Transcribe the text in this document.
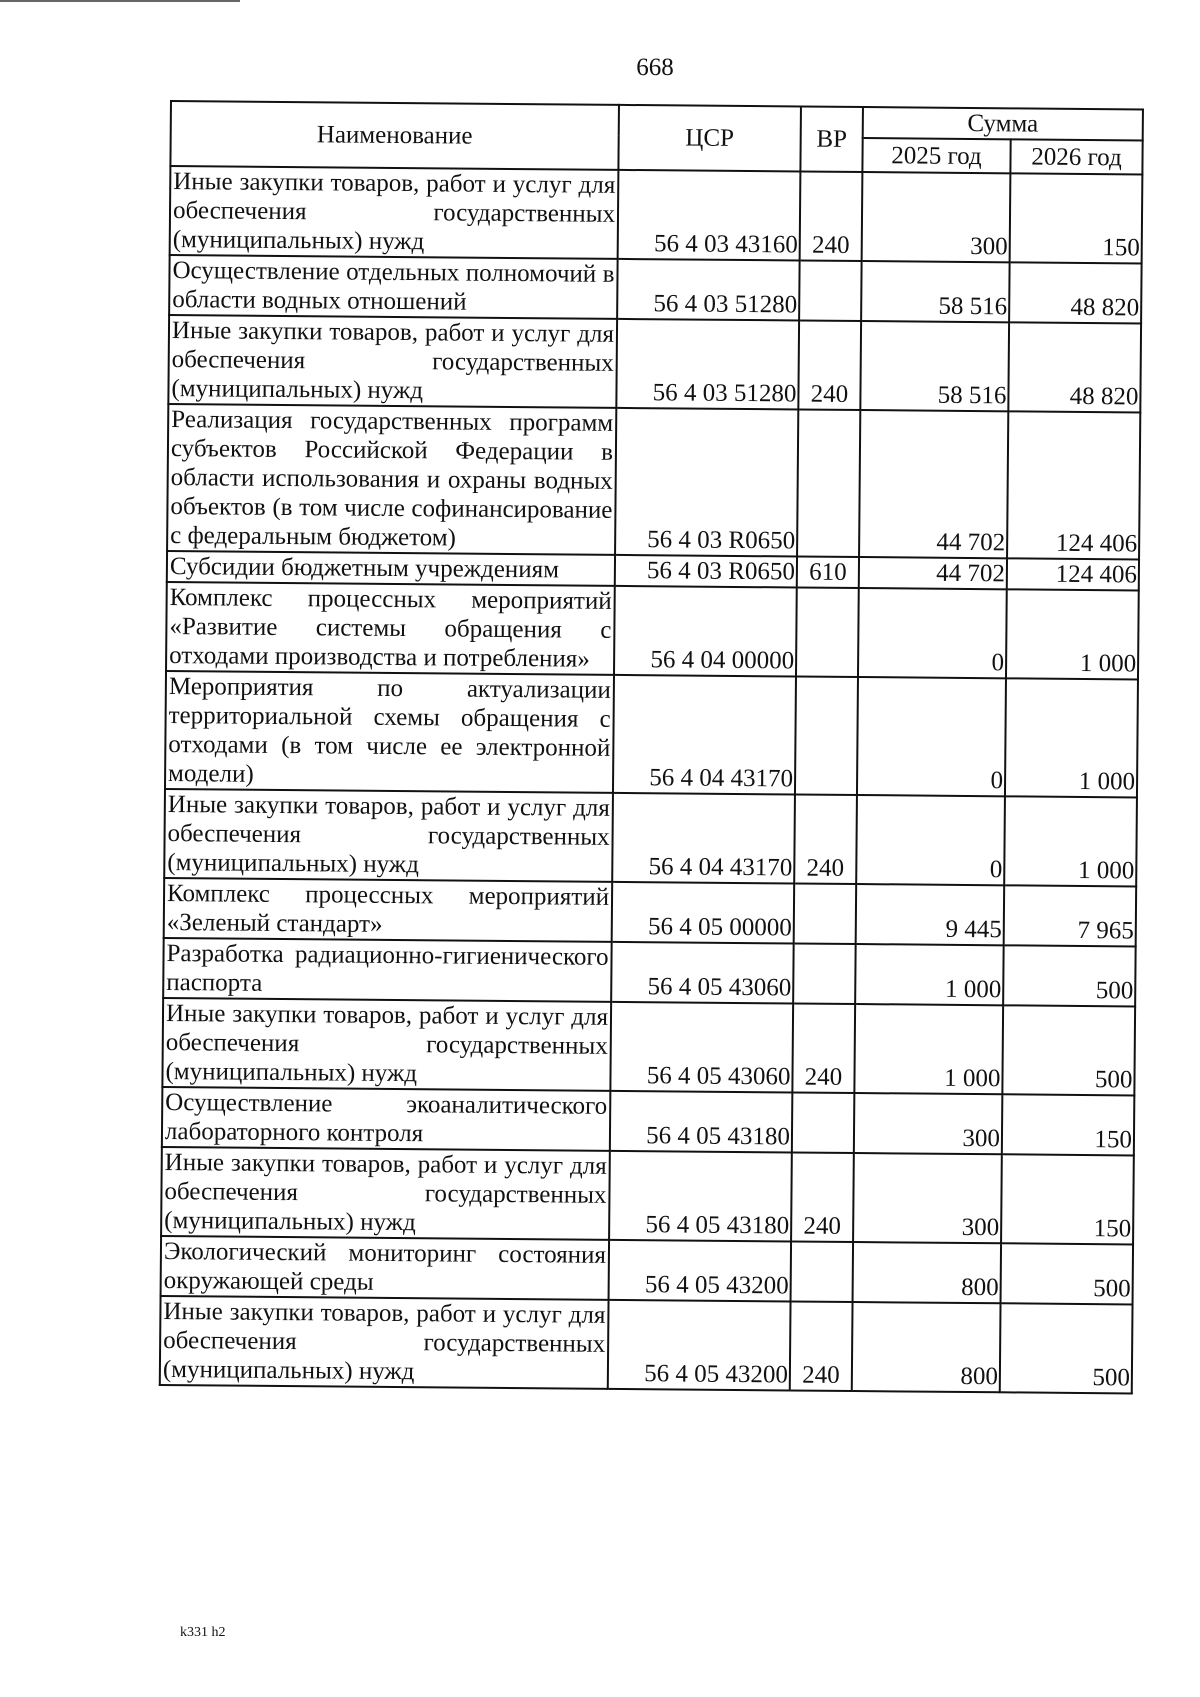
668
Наименование	ЦСР	ВР	Сумма	
			2025 год	2026 год
Иные закупки товаров, работ и услуг для обеспечения государственных (муниципальных) нужд	56 4 03 43160	240	300	150
Осуществление отдельных полномочий в области водных отношений	56 4 03 51280		58 516	48 820
Иные закупки товаров, работ и услуг для обеспечения государственных (муниципальных) нужд	56 4 03 51280	240	58 516	48 820
Реализация государственных программ субъектов Российской Федерации в области использования и охраны водных объектов (в том числе софинансирование с федеральным бюджетом)	56 4 03 R0650		44 702	124 406
Субсидии бюджетным учреждениям	56 4 03 R0650	610	44 702	124 406
Комплекс процессных мероприятий «Развитие системы обращения с отходами производства и потребления»	56 4 04 00000		0	1 000
Мероприятия по актуализации территориальной схемы обращения с отходами (в том числе ее электронной модели)	56 4 04 43170		0	1 000
Иные закупки товаров, работ и услуг для обеспечения государственных (муниципальных) нужд	56 4 04 43170	240	0	1 000
Комплекс процессных мероприятий «Зеленый стандарт»	56 4 05 00000		9 445	7 965
Разработка радиационно-гигиенического паспорта	56 4 05 43060		1 000	500
Иные закупки товаров, работ и услуг для обеспечения государственных (муниципальных) нужд	56 4 05 43060	240	1 000	500
Осуществление экоаналитического лабораторного контроля	56 4 05 43180		300	150
Иные закупки товаров, работ и услуг для обеспечения государственных (муниципальных) нужд	56 4 05 43180	240	300	150
Экологический мониторинг состояния окружающей среды	56 4 05 43200		800	500
Иные закупки товаров, работ и услуг для обеспечения государственных (муниципальных) нужд	56 4 05 43200	240	800	500
k331 h2
